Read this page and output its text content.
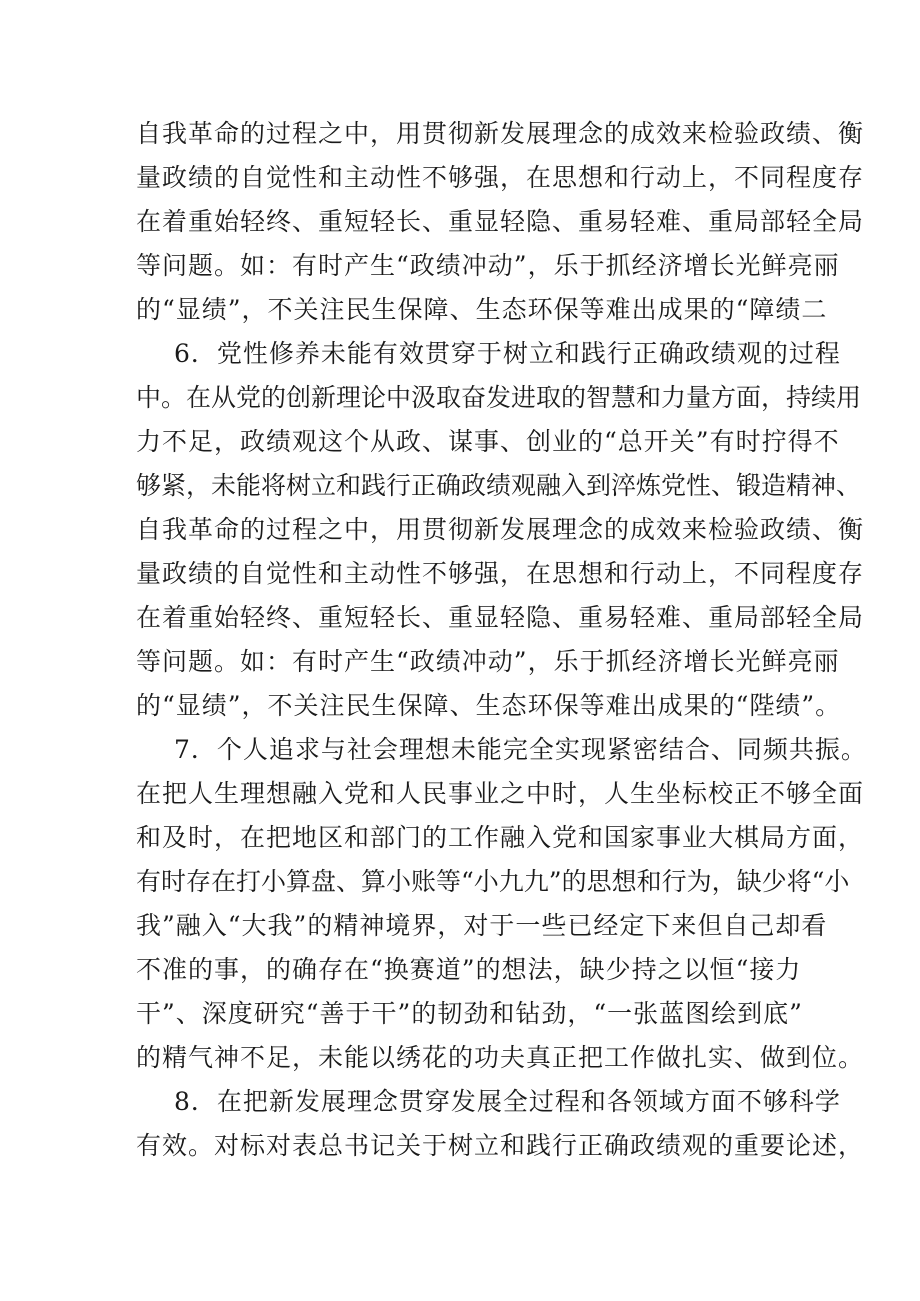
自我革命的过程之中，用贯彻新发展理念的成效来检验政绩、衡
量政绩的自觉性和主动性不够强，在思想和行动上，不同程度存
在着重始轻终、重短轻长、重显轻隐、重易轻难、重局部轻全局
等问题。如：有时产生“政绩冲动”，乐于抓经济增长光鲜亮丽
的“显绩”，不关注民生保障、生态环保等难出成果的“障绩二
6．党性修养未能有效贯穿于树立和践行正确政绩观的过程
中。在从党的创新理论中汲取奋发进取的智慧和力量方面，持续用
力不足，政绩观这个从政、谋事、创业的“总开关”有时拧得不
够紧，未能将树立和践行正确政绩观融入到淬炼党性、锻造精神、
自我革命的过程之中，用贯彻新发展理念的成效来检验政绩、衡
量政绩的自觉性和主动性不够强，在思想和行动上，不同程度存
在着重始轻终、重短轻长、重显轻隐、重易轻难、重局部轻全局
等问题。如：有时产生“政绩冲动”，乐于抓经济增长光鲜亮丽
的“显绩”，不关注民生保障、生态环保等难出成果的“陛绩”。
7．个人追求与社会理想未能完全实现紧密结合、同频共振。
在把人生理想融入党和人民事业之中时，人生坐标校正不够全面
和及时，在把地区和部门的工作融入党和国家事业大棋局方面，
有时存在打小算盘、算小账等“小九九”的思想和行为，缺少将“小
我”融入“大我”的精神境界，对于一些已经定下来但自己却看
不准的事，的确存在“换赛道”的想法，缺少持之以恒“接力
干”、深度研究“善于干”的韧劲和钻劲，“一张蓝图绘到底”
的精气神不足，未能以绣花的功夫真正把工作做扎实、做到位。
8．在把新发展理念贯穿发展全过程和各领域方面不够科学
有效。对标对表总书记关于树立和践行正确政绩观的重要论述，
